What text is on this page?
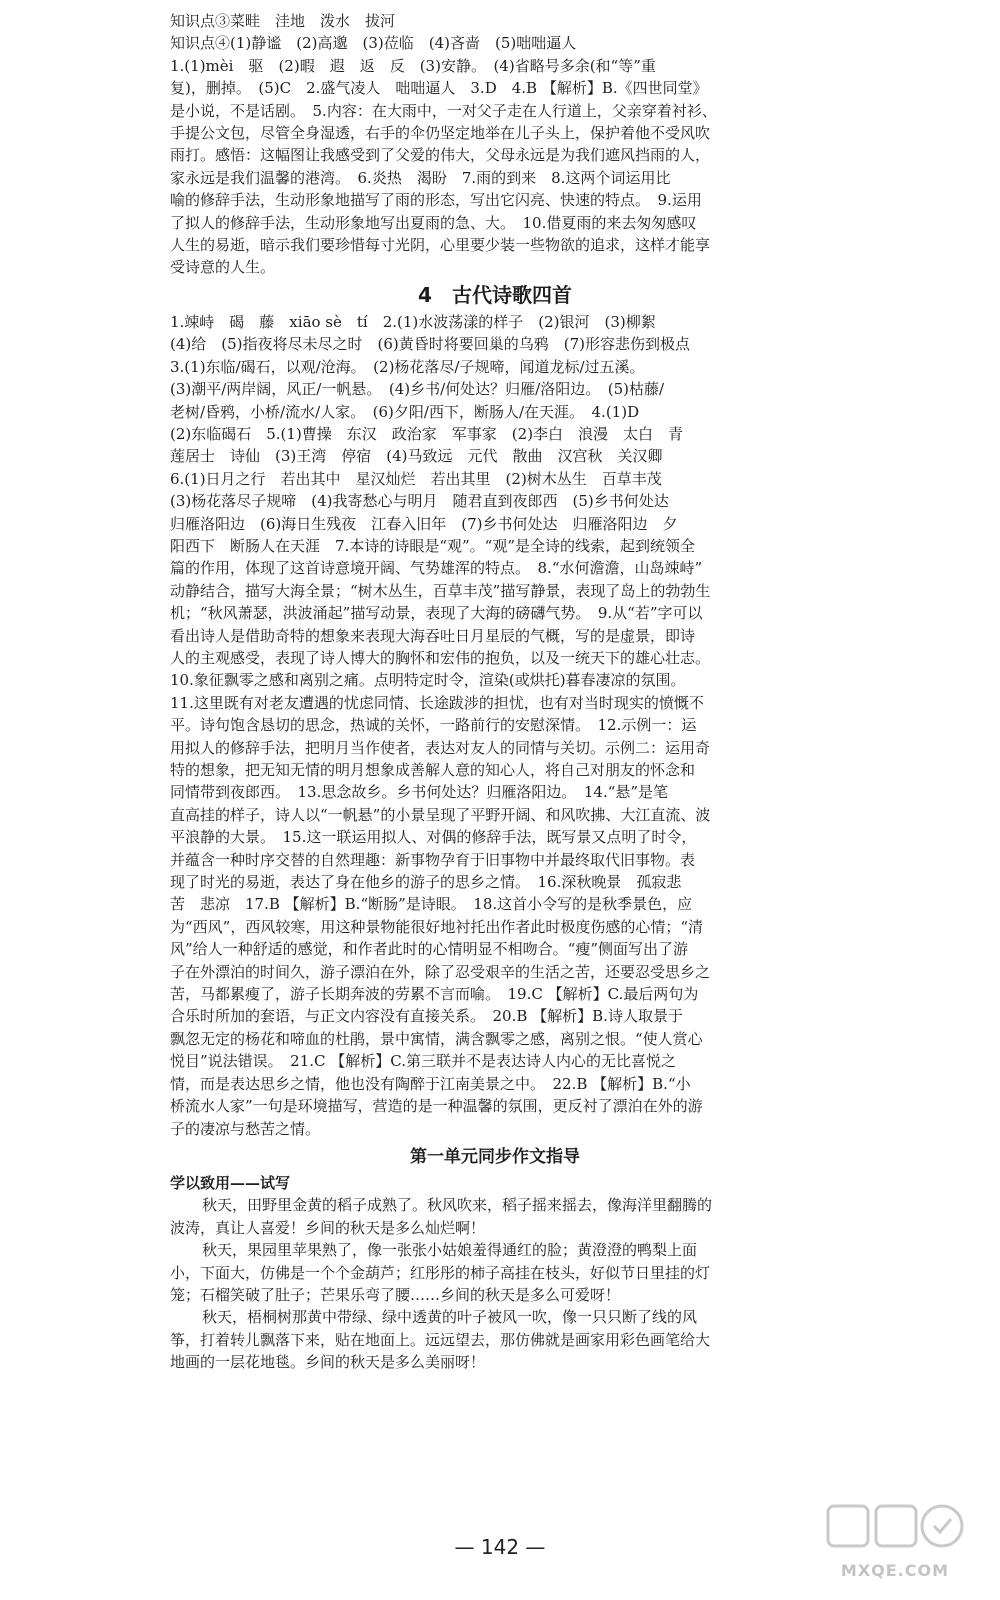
知识点③菜畦　洼地　泼水　拔河
知识点④(1)静谧　(2)高邈　(3)莅临　(4)吝啬　(5)咄咄逼人
1.(1)mèi　驱　(2)暇　遐　返　反　(3)安静。　(4)省略号多余(和“等”重
复)，删掉。　(5)C　2.盛气凌人　咄咄逼人　3.D　4.B 【解析】B.《四世同堂》
是小说，不是话剧。　5.内容：在大雨中，一对父子走在人行道上，父亲穿着衬衫、
手提公文包，尽管全身湿透，右手的伞仍坚定地举在儿子头上，保护着他不受风吹
雨打。感悟：这幅图让我感受到了父爱的伟大，父母永远是为我们遮风挡雨的人，
家永远是我们温馨的港湾。　6.炎热　渴盼　7.雨的到来　8.这两个词运用比
喻的修辞手法，生动形象地描写了雨的形态，写出它闪亮、快速的特点。　9.运用
了拟人的修辞手法，生动形象地写出夏雨的急、大。　10.借夏雨的来去匆匆感叹
人生的易逝，暗示我们要珍惜每寸光阴，心里要少装一些物欲的追求，这样才能享
受诗意的人生。
4　古代诗歌四首
1.竦峙　碣　藤　xiāo sè　tí　2.(1)水波荡漾的样子　(2)银河　(3)柳絮
(4)给　(5)指夜将尽未尽之时　(6)黄昏时将要回巢的乌鸦　(7)形容悲伤到极点
3.(1)东临/碣石，以观/沧海。　(2)杨花落尽/子规啼，闻道龙标/过五溪。
(3)潮平/两岸阔，风正/一帆悬。　(4)乡书/何处达？归雁/洛阳边。　(5)枯藤/
老树/昏鸦，小桥/流水/人家。　(6)夕阳/西下，断肠人/在天涯。　4.(1)D
(2)东临碣石　5.(1)曹操　东汉　政治家　军事家　(2)李白　浪漫　太白　青
莲居士　诗仙　(3)王湾　停宿　(4)马致远　元代　散曲　汉宫秋　关汉卿
6.(1)日月之行　若出其中　星汉灿烂　若出其里　(2)树木丛生　百草丰茂
(3)杨花落尽子规啼　(4)我寄愁心与明月　随君直到夜郎西　(5)乡书何处达
归雁洛阳边　(6)海日生残夜　江春入旧年　(7)乡书何处达　归雁洛阳边　夕
阳西下　断肠人在天涯　7.本诗的诗眼是“观”。“观”是全诗的线索，起到统领全
篇的作用，体现了这首诗意境开阔、气势雄浑的特点。　8.“水何澹澹，山岛竦峙”
动静结合，描写大海全景；“树木丛生，百草丰茂”描写静景，表现了岛上的勃勃生
机；“秋风萧瑟，洪波涌起”描写动景，表现了大海的磅礴气势。　9.从“若”字可以
看出诗人是借助奇特的想象来表现大海吞吐日月星辰的气概，写的是虚景，即诗
人的主观感受，表现了诗人博大的胸怀和宏伟的抱负，以及一统天下的雄心壮志。
10.象征飘零之感和离别之痛。点明特定时令，渲染(或烘托)暮春凄凉的氛围。
11.这里既有对老友遭遇的忧虑同情、长途跋涉的担忧，也有对当时现实的愤慨不
平。诗句饱含恳切的思念，热诚的关怀，一路前行的安慰深情。　12.示例一：运
用拟人的修辞手法，把明月当作使者，表达对友人的同情与关切。示例二：运用奇
特的想象，把无知无情的明月想象成善解人意的知心人，将自己对朋友的怀念和
同情带到夜郎西。　13.思念故乡。乡书何处达？归雁洛阳边。　14.“悬”是笔
直高挂的样子，诗人以“一帆悬”的小景呈现了平野开阔、和风吹拂、大江直流、波
平浪静的大景。　15.这一联运用拟人、对偶的修辞手法，既写景又点明了时令，
并蕴含一种时序交替的自然理趣：新事物孕育于旧事物中并最终取代旧事物。表
现了时光的易逝，表达了身在他乡的游子的思乡之情。　16.深秋晚景　孤寂悲
苦　悲凉　17.B 【解析】B.“断肠”是诗眼。　18.这首小令写的是秋季景色，应
为“西风”，西风较寒，用这种景物能很好地衬托出作者此时极度伤感的心情；“清
风”给人一种舒适的感觉，和作者此时的心情明显不相吻合。“瘦”侧面写出了游
子在外漂泊的时间久，游子漂泊在外，除了忍受艰辛的生活之苦，还要忍受思乡之
苦，马都累瘦了，游子长期奔波的劳累不言而喻。　19.C 【解析】C.最后两句为
合乐时所加的套语，与正文内容没有直接关系。　20.B 【解析】B.诗人取景于
飘忽无定的杨花和啼血的杜鹃，景中寓情，满含飘零之感，离别之恨。“使人赏心
悦目”说法错误。　21.C 【解析】C.第三联并不是表达诗人内心的无比喜悦之
情，而是表达思乡之情，他也没有陶醉于江南美景之中。　22.B 【解析】B.“小
桥流水人家”一句是环境描写，营造的是一种温馨的氛围，更反衬了漂泊在外的游
子的凄凉与愁苦之情。
第一单元同步作文指导
学以致用——试写
秋天，田野里金黄的稻子成熟了。秋风吹来，稻子摇来摇去，像海洋里翻腾的
波涛，真让人喜爱！乡间的秋天是多么灿烂啊！
秋天，果园里苹果熟了，像一张张小姑娘羞得通红的脸；黄澄澄的鸭梨上面
小，下面大，仿佛是一个个金葫芦；红彤彤的柿子高挂在枝头，好似节日里挂的灯
笼；石榴笑破了肚子；芒果乐弯了腰……乡间的秋天是多么可爱呀！
秋天，梧桐树那黄中带绿、绿中透黄的叶子被风一吹，像一只只断了线的风
筝，打着转儿飘落下来，贴在地面上。远远望去，那仿佛就是画家用彩色画笔给大
地画的一层花地毯。乡间的秋天是多么美丽呀！
— 142 —
MXQE.COM
